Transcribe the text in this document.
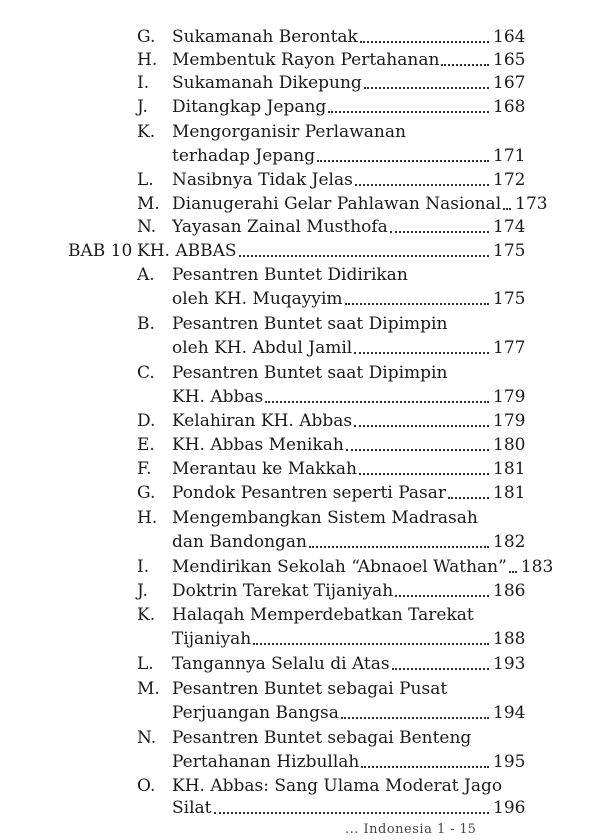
G. Sukamanah Berontak	164
H. Membentuk Rayon Pertahanan	165
I. Sukamanah Dikepung	167
J. Ditangkap Jepang	168
K. Mengorganisir Perlawanan
terhadap Jepang	171
L. Nasibnya Tidak Jelas	172
M. Dianugerahi Gelar Pahlawan Nasional 173
N. Yayasan Zainal Musthofa	174
BAB 10 KH. ABBAS	175
A. Pesantren Buntet Didirikan
oleh KH. Muqayyim	175
B. Pesantren Buntet saat Dipimpin
oleh KH. Abdul Jamil	177
C. Pesantren Buntet saat Dipimpin
KH. Abbas	179
D. Kelahiran KH. Abbas	179
E. KH. Abbas Menikah	180
F. Merantau ke Makkah	181
G. Pondok Pesantren seperti Pasar	181
H. Mengembangkan Sistem Madrasah
dan Bandongan	182
I. Mendirikan Sekolah “Abnaoel Wathan” 183
J. Doktrin Tarekat Tijaniyah	186
K. Halaqah Memperdebatkan Tarekat
Tijaniyah	188
L. Tangannya Selalu di Atas	193
M. Pesantren Buntet sebagai Pusat
Perjuangan Bangsa	194
N. Pesantren Buntet sebagai Benteng
Pertahanan Hizbullah	195
O. KH. Abbas: Sang Ulama Moderat Jago
Silat	196
... Indonesia 1 - 15
